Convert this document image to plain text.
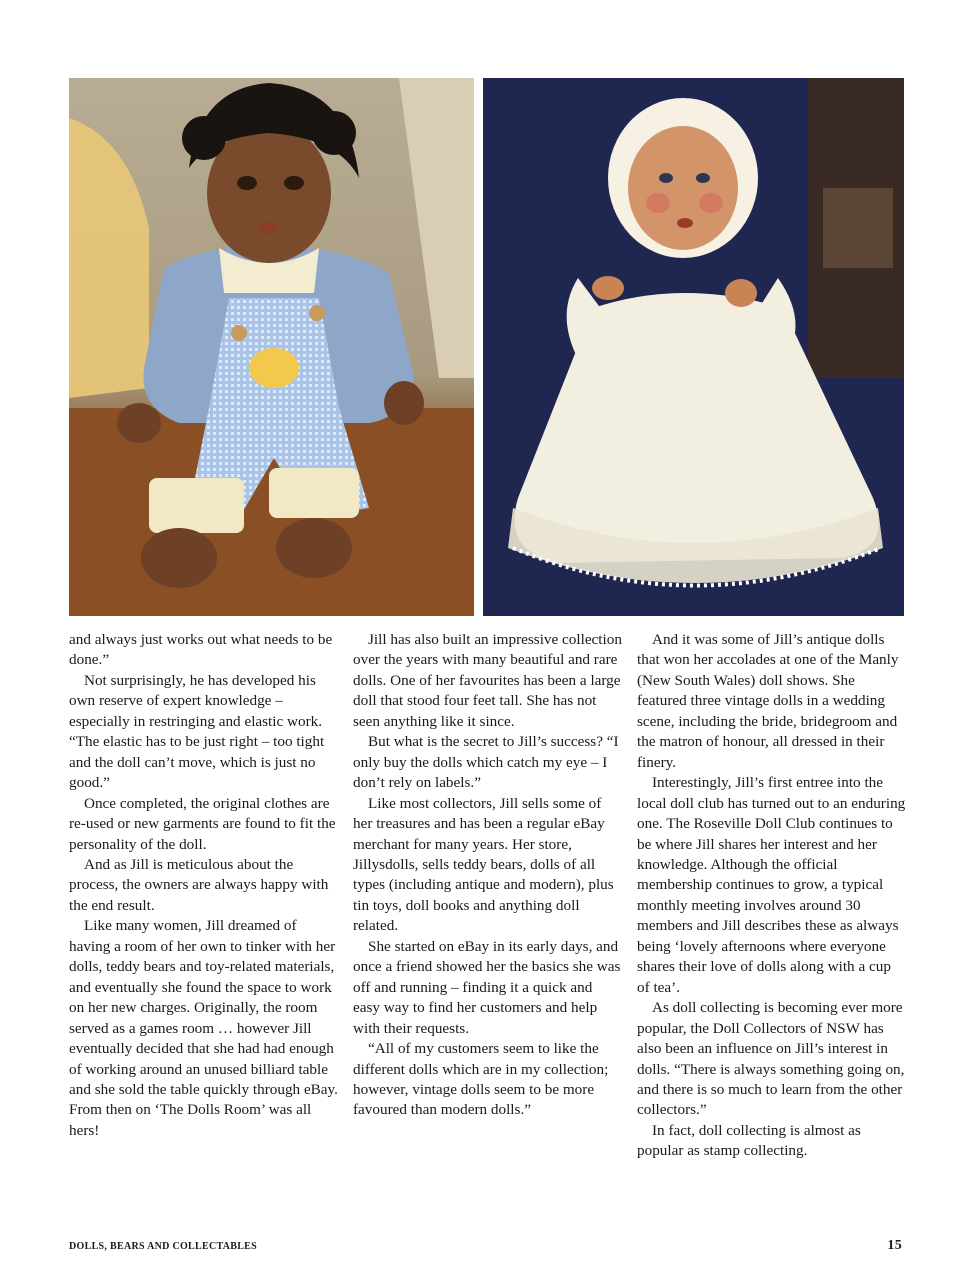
and always just works out what needs to be done.”

Not surprisingly, he has developed his own reserve of expert knowledge – especially in restringing and elastic work. “The elastic has to be just right – too tight and the doll can’t move, which is just no good.”

Once completed, the original clothes are re-used or new garments are found to fit the personality of the doll.

And as Jill is meticulous about the process, the owners are always happy with the end result.

Like many women, Jill dreamed of having a room of her own to tinker with her dolls, teddy bears and toy-related materials, and eventually she found the space to work on her new charges. Originally, the room served as a games room … however Jill eventually decided that she had had enough of working around an unused billiard table and she sold the table quickly through eBay. From then on ‘The Dolls Room’ was all hers!

Jill has also built an impressive collection over the years with many beautiful and rare dolls. One of her favourites has been a large doll that stood four feet tall. She has not seen anything like it since.

But what is the secret to Jill’s success? “I only buy the dolls which catch my eye – I don’t rely on labels.”

Like most collectors, Jill sells some of her treasures and has been a regular eBay merchant for many years. Her store, Jillysdolls, sells teddy bears, dolls of all types (including antique and modern), plus tin toys, doll books and anything doll related.

She started on eBay in its early days, and once a friend showed her the basics she was off and running – finding it a quick and easy way to find her customers and help with their requests.

“All of my customers seem to like the different dolls which are in my collection; however, vintage dolls seem to be more favoured than modern dolls.”

And it was some of Jill’s antique dolls that won her accolades at one of the Manly (New South Wales) doll shows. She featured three vintage dolls in a wedding scene, including the bride, bridegroom and the matron of honour, all dressed in their finery.

Interestingly, Jill’s first entree into the local doll club has turned out to an enduring one. The Roseville Doll Club continues to be where Jill shares her interest and her knowledge. Although the official membership continues to grow, a typical monthly meeting involves around 30 members and Jill describes these as always being ‘lovely afternoons where everyone shares their love of dolls along with a cup of tea’.

As doll collecting is becoming ever more popular, the Doll Collectors of NSW has also been an influence on Jill’s interest in dolls. “There is always something going on, and there is so much to learn from the other collectors.”

In fact, doll collecting is almost as popular as stamp collecting.

DOLLS, BEARS AND COLLECTABLES	15
